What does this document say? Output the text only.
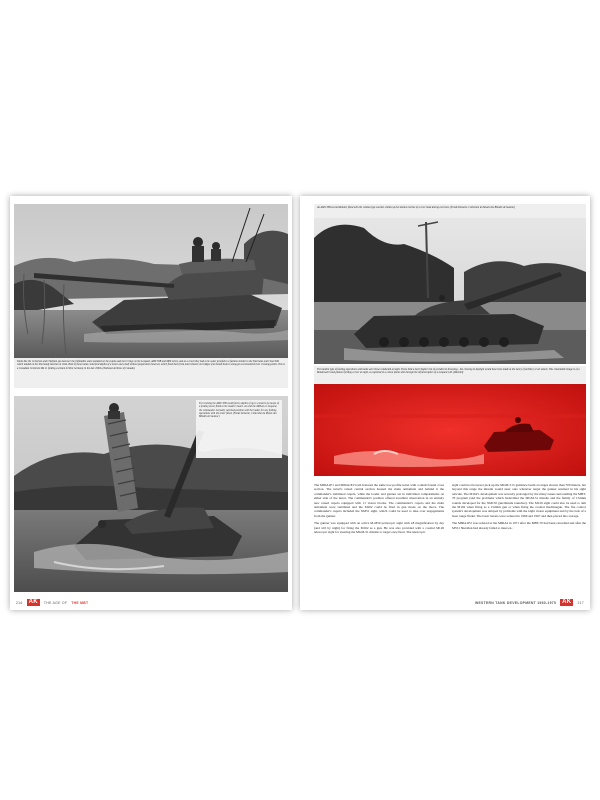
Tanks like the Centurion and Chieftain (as bad over the) inflatable seals standard on the cupola and turret rings on the Leopard, AMX 30B and M60 series, and as a result they had to be water proofed in a fashion similar to the Shermans and Churchills which landed on the Normandy beaches in 1944. Both of these tanks could ford depths of a meter and a half without preparation however, which freed them from total reliance on bridges (cut bound them to using pre-reconnoitred river crossing points. This is a Canadian Centurion Mk 11 fording a stream in West Germany in the late 1960s. (National Archives of Canada)
For training the AMX 30B could ford to depths of up to 4 meters by means of a fording tower fitted to the loader's hatch. As with the M60A1 or Leopard, the commander normally switched position with the loader for any fording operations with the tower fitted. (Fonds Delsarte, Collection du Musée des Blindés de Saumur)
216	AK	THE AGE OF THE MBT
An AMX 30B second Rebuilt, fitted with the combat type snorkel, climbs up the shallow incline of a river bank during exercises. (Fonds Delsarte, Collection du Musée des Blindés de Saumur)
The hardest type of fording operations with tanks were those conducted at night. These held a much higher risk of accident in drowning - but crossing in daylight would have been made at the mercy of artillery or air attack. This remarkable image is of a Bundeswehr tank platoon fording a river at night, as captured in a colour photo shot through the infrared optics of a Leopard 1A3. (Rheinbl)

The M60A1E1 and M60A1E2 both featured the same low-profile turret with a small frontal cross section. The turret's raised central section housed the main armament and behind it the commander's stabilized cupola, while the loader and gunner sat in individual compartments on either side of the turret. The commander's position offered excellent observation in an entirely new raised cupola equipped with 11 vision blocks. The commander's cupola and the main armament were stabilized and the M162 could be fired in gun mode on the move. The commander's cupola included the XM51 sight, which could be used to take over engagements from the gunner.

The gunner was equipped with an active M-M50 periscopic sight with x8 magnification by day (and x10 by night) for firing the M162 as a gun. He was also provided with a coaxial M126 telescopic sight for steering the MGM-51 missile to target once fired. The telescopic

sight could not however pick up the MGM-51's guidance beam at ranges shorter than 700 meters, but beyond this range the missile would steer onto whatever target the gunner retained in his sight reticule. The M162's development was severely prolonged by the many issues surrounding the MBT-70 program (and the problems which bedevilled the MGM-51 missile and the family of 152mm rounds developed for the XM150 gun/missile launcher). The M126 sight could also be used to aim the M162 when firing as a 152mm gun or when firing the coaxial machinegun. The fire control system's development was delayed by problems with the night vision equipment and by the lack of a laser range finder. The basic turrets were ordered in 1966 and 1967 and then placed into storage.

The M60A1E2 was ordered as the M60A2 in 1971 after the MBT-70 had been cancelled and after the M551 Sheridan had already failed to meet ex-

WESTERN TANK DEVELOPMENT 1960-1975	AK	217
